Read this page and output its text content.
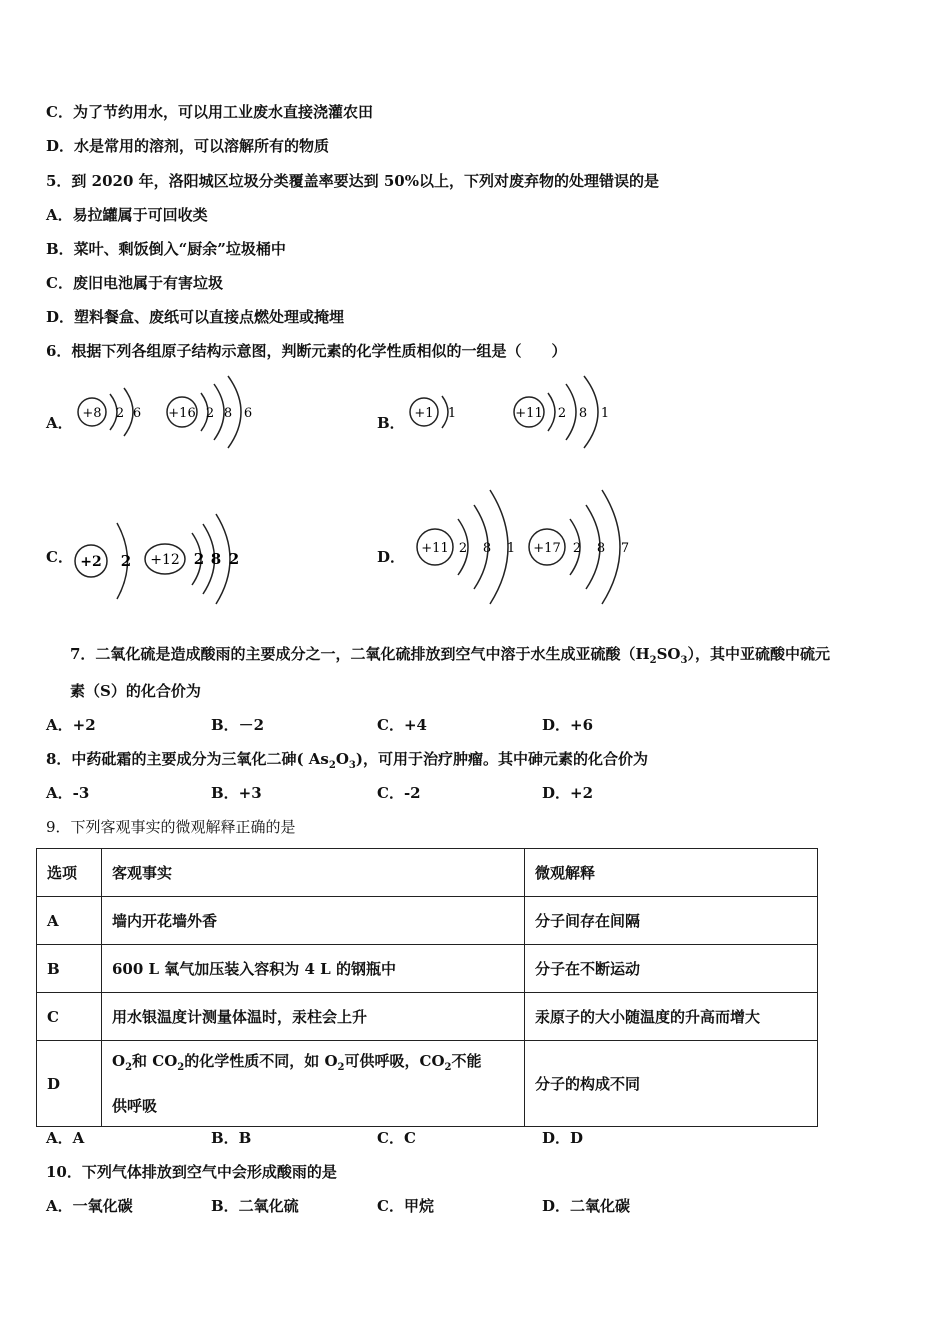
C．为了节约用水，可以用工业废水直接浇灌农田
D．水是常用的溶剂，可以溶解所有的物质
5．到 2020 年，洛阳城区垃圾分类覆盖率要达到 50%以上，下列对废弃物的处理错误的是
A．易拉罐属于可回收类
B．菜叶、剩饭倒入“厨余”垃圾桶中
C．废旧电池属于有害垃圾
D．塑料餐盒、废纸可以直接点燃处理或掩埋
6．根据下列各组原子结构示意图，判断元素的化学性质相似的一组是（　　）
A．	B．
C．	D．
+8 2 6 +16 2 8 6	+1 1	+11 2 8 1
+2 2 +12 2 8 2
+11 2 8 1 +17 2 8 7
7．二氧化硫是造成酸雨的主要成分之一，二氧化硫排放到空气中溶于水生成亚硫酸$(H_2SO_3)$，其中亚硫酸中硫元
素（S）的化合价为
A．+2	B．－2	C．+4	D．+6
8．中药砒霜的主要成分为三氧化二砷( $As_2O_3$)，可用于治疗肿瘤。其中砷元素的化合价为
A．-3	B．+3	C．-2	D．+2
9．下列客观事实的微观解释正确的是
选项	客观事实	微观解释
A	墙内开花墙外香	分子间存在间隔
B	600 L 氧气加压装入容积为 4 L 的钢瓶中	分子在不断运动
C	用水银温度计测量体温时，汞柱会上升	汞原子的大小随温度的升高而增大
D	$O_2$和 $CO_2$的化学性质不同，如 $O_2$可供呼吸，$CO_2$不能
供呼吸	分子的构成不同
A．A	B．B	C．C	D．D
10．下列气体排放到空气中会形成酸雨的是
A．一氧化碳	B．二氧化硫	C．甲烷	D．二氧化碳
